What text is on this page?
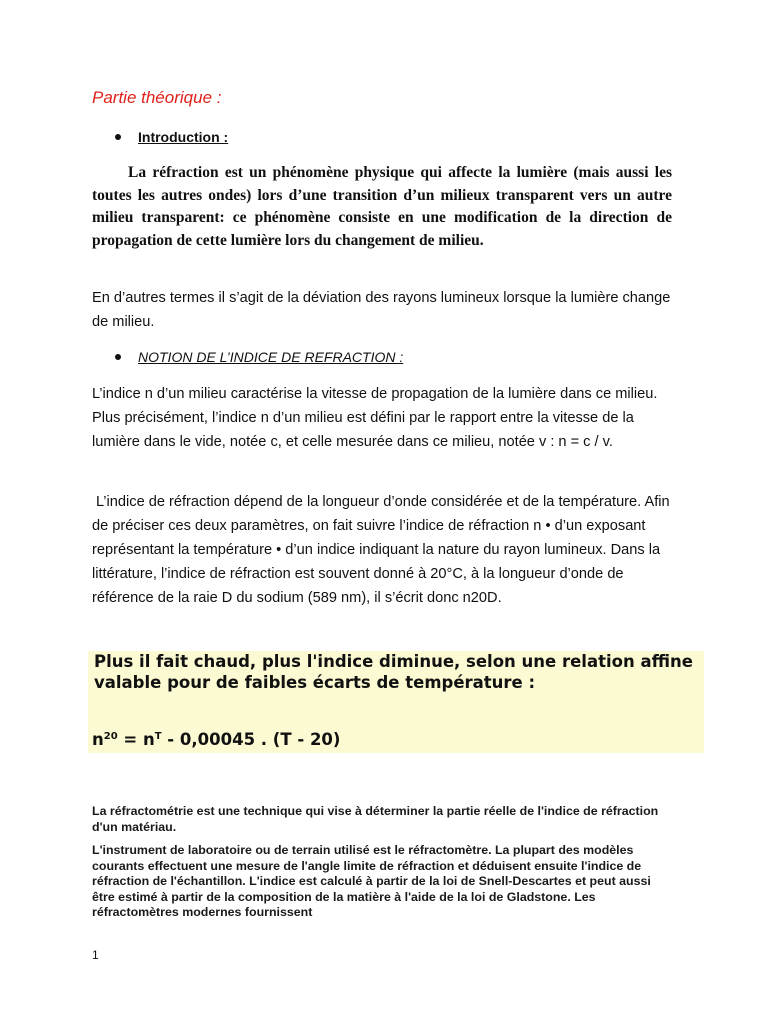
Partie théorique :
Introduction :
La réfraction est un phénomène physique qui affecte la lumière (mais aussi les toutes les autres ondes) lors d’une transition d’un milieux transparent vers un autre milieu transparent: ce phénomène consiste en une modification de la direction de propagation de cette lumière lors du changement de milieu.
En d’autres termes il s’agit de la déviation des rayons lumineux lorsque la lumière change de milieu.
NOTION DE L’INDICE DE REFRACTION :
L’indice n d’un milieu caractérise la vitesse de propagation de la lumière dans ce milieu. Plus précisément, l’indice n d’un milieu est défini par le rapport entre la vitesse de la lumière dans le vide, notée c, et celle mesurée dans ce milieu, notée v : n = c / v.
L’indice de réfraction dépend de la longueur d’onde considérée et de la température. Afin de préciser ces deux paramètres, on fait suivre l’indice de réfraction n • d’un exposant représentant la température • d’un indice indiquant la nature du rayon lumineux. Dans la littérature, l’indice de réfraction est souvent donné à 20°C, à la longueur d’onde de référence de la raie D du sodium (589 nm), il s’écrit donc n20D.
Plus il fait chaud, plus l'indice diminue, selon une relation affine valable pour de faibles écarts de température :
$n^{20} = n^T - 0,00045$ . (T - 20)
La réfractométrie est une technique qui vise à déterminer la partie réelle de l'indice de réfraction d'un matériau.
L'instrument de laboratoire ou de terrain utilisé est le réfractomètre. La plupart des modèles courants effectuent une mesure de l'angle limite de réfraction et déduisent ensuite l'indice de réfraction de l'échantillon. L'indice est calculé à partir de la loi de Snell-Descartes et peut aussi être estimé à partir de la composition de la matière à l'aide de la loi de Gladstone. Les réfractomètres modernes fournissent
1
